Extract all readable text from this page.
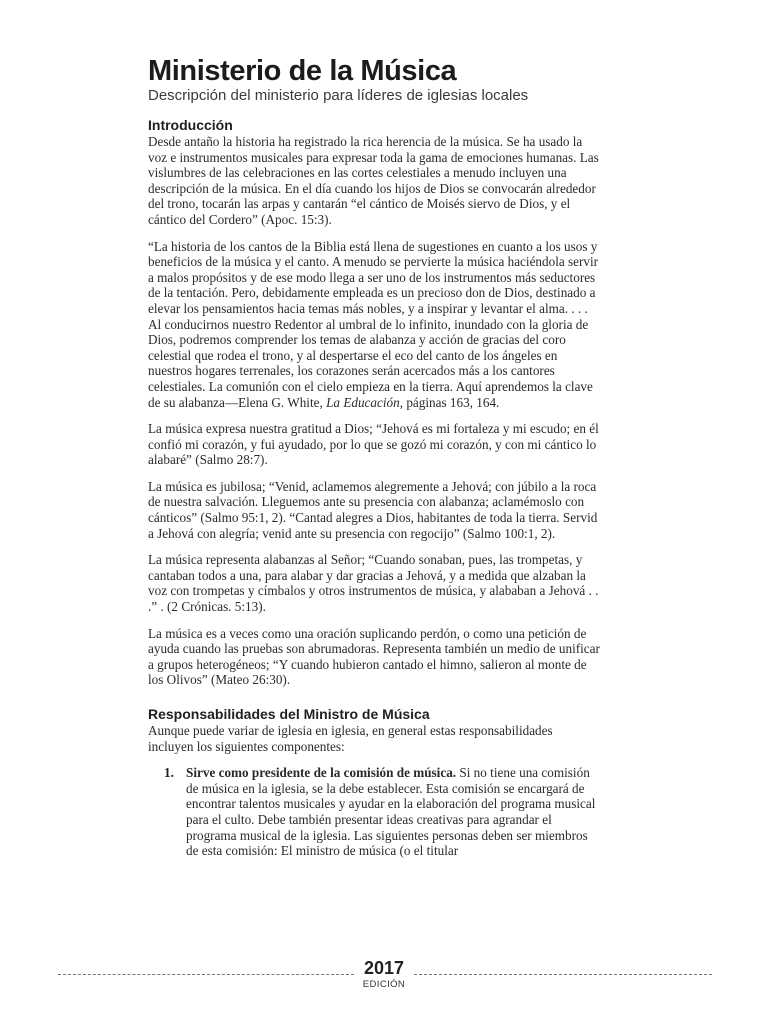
Ministerio de la Música
Descripción del ministerio para líderes de iglesias locales
Introducción

Desde antaño la historia ha registrado la rica herencia de la música. Se ha usado la voz e instrumentos musicales para expresar toda la gama de emociones humanas. Las vislumbres de las celebraciones en las cortes celestiales a menudo incluyen una descripción de la música. En el día cuando los hijos de Dios se convocarán alrededor del trono, tocarán las arpas y cantarán “el cántico de Moisés siervo de Dios, y el cántico del Cordero” (Apoc. 15:3).

“La historia de los cantos de la Biblia está llena de sugestiones en cuanto a los usos y beneficios de la música y el canto. A menudo se pervierte la música haciéndola servir a malos propósitos y de ese modo llega a ser uno de los instrumentos más seductores de la tentación. Pero, debidamente empleada es un precioso don de Dios, destinado a elevar los pensamientos hacia temas más nobles, y a inspirar y levantar el alma. . . . Al conducirnos nuestro Redentor al umbral de lo infinito, inundado con la gloria de Dios, podremos comprender los temas de alabanza y acción de gracias del coro celestial que rodea el trono, y al despertarse el eco del canto de los ángeles en nuestros hogares terrenales, los corazones serán acercados más a los cantores celestiales. La comunión con el cielo empieza en la tierra. Aquí aprendemos la clave de su alabanza—Elena G. White, La Educación, páginas 163, 164.

La música expresa nuestra gratitud a Dios; “Jehová es mi fortaleza y mi escudo; en él confió mi corazón, y fui ayudado, por lo que se gozó mi corazón, y con mi cántico lo alabaré” (Salmo 28:7).

La música es jubilosa; “Venid, aclamemos alegremente a Jehová; con júbilo a la roca de nuestra salvación. Lleguemos ante su presencia con alabanza; aclamémoslo con cánticos” (Salmo 95:1, 2). “Cantad alegres a Dios, habitantes de toda la tierra. Servid a Jehová con alegría; venid ante su presencia con regocijo” (Salmo 100:1, 2).

La música representa alabanzas al Señor; “Cuando sonaban, pues, las trompetas, y cantaban todos a una, para alabar y dar gracias a Jehová, y a medida que alzaban la voz con trompetas y címbalos y otros instrumentos de música, y alababan a Jehová . . .” . (2 Crónicas. 5:13).

La música es a veces como una oración suplicando perdón, o como una petición de ayuda cuando las pruebas son abrumadoras. Representa también un medio de unificar a grupos heterogéneos; “Y cuando hubieron cantado el himno, salieron al monte de los Olivos” (Mateo 26:30).

Responsabilidades del Ministro de Música

Aunque puede variar de iglesia en iglesia, en general estas responsabilidades incluyen los siguientes componentes:

1. Sirve como presidente de la comisión de música. Si no tiene una comisión de música en la iglesia, se la debe establecer. Esta comisión se encargará de encontrar talentos musicales y ayudar en la elaboración del programa musical para el culto. Debe también presentar ideas creativas para agrandar el programa musical de la iglesia. Las siguientes personas deben ser miembros de esta comisión: El ministro de música (o el titular

2017
EDICIÓN
